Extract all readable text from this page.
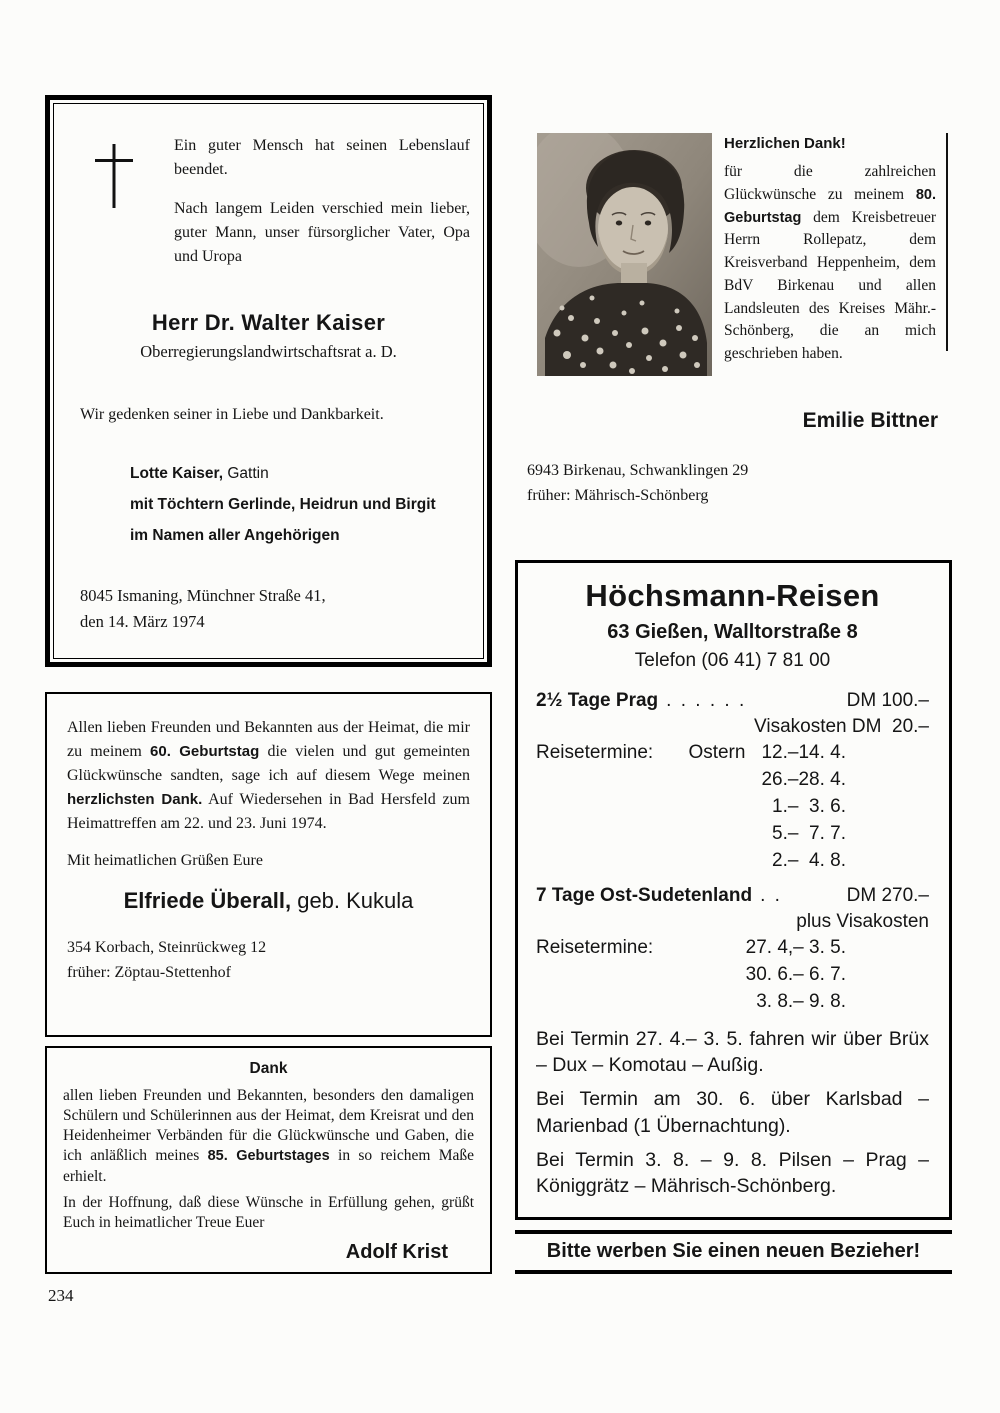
Ein guter Mensch hat seinen Lebenslauf beendet.

Nach langem Leiden verschied mein lieber, guter Mann, unser fürsorglicher Vater, Opa und Uropa

Herr Dr. Walter Kaiser
Oberregierungslandwirtschaftsrat a. D.

Wir gedenken seiner in Liebe und Dankbarkeit.

Lotte Kaiser, Gattin
mit Töchtern Gerlinde, Heidrun und Birgit
im Namen aller Angehörigen
8045 Ismaning, Münchner Straße 41,
den 14. März 1974

Allen lieben Freunden und Bekannten aus der Heimat, die mir zu meinem 60. Geburtstag die vielen und gut gemeinten Glückwünsche sandten, sage ich auf diesem Wege meinen herzlichsten Dank. Auf Wiedersehen in Bad Hersfeld zum Heimattreffen am 22. und 23. Juni 1974.

Mit heimatlichen Grüßen Eure

Elfriede Überall, geb. Kukula
354 Korbach, Steinrückweg 12
früher: Zöptau-Stettenhof
Dank

allen lieben Freunden und Bekannten, besonders den damaligen Schülern und Schülerinnen aus der Heimat, dem Kreisrat und den Heidenheimer Verbänden für die Glückwünsche und Gaben, die ich anläßlich meines 85. Geburtstages in so reichem Maße erhielt.

In der Hoffnung, daß diese Wünsche in Erfüllung gehen, grüßt Euch in heimatlicher Treue Euer

Adolf Krist
Herzlichen Dank!

für die zahlreichen Glückwünsche zu meinem 80. Geburtstag dem Kreisbetreuer Herrn Rollepatz, dem Kreisverband Heppenheim, dem BdV Birkenau und allen Landsleuten des Kreises Mähr.-Schönberg, die an mich geschrieben haben.

Emilie Bittner
6943 Birkenau, Schwanklingen 29
früher: Mährisch-Schönberg
Höchsmann-Reisen
63 Gießen, Walltorstraße 8
Telefon (06 41) 7 81 00
2½ Tage Prag . . . . . .	DM 100.–
Visakosten DM  20.–
Reisetermine: Ostern 12.–14. 4.
26.–28. 4.
1.–  3. 6.
5.–  7. 7.
2.–  4. 8.
7 Tage Ost-Sudetenland . .	DM 270.–
plus Visakosten
Reisetermine:	27. 4,– 3. 5.
30. 6.– 6. 7.
3. 8.– 9. 8.

Bei Termin 27. 4.– 3. 5. fahren wir über Brüx – Dux – Komotau – Außig.

Bei Termin am 30. 6. über Karlsbad – Marienbad (1 Übernachtung).

Bei Termin 3. 8. – 9. 8. Pilsen – Prag – Königgrätz – Mährisch-Schönberg.

Bitte werben Sie einen neuen Bezieher!
234
